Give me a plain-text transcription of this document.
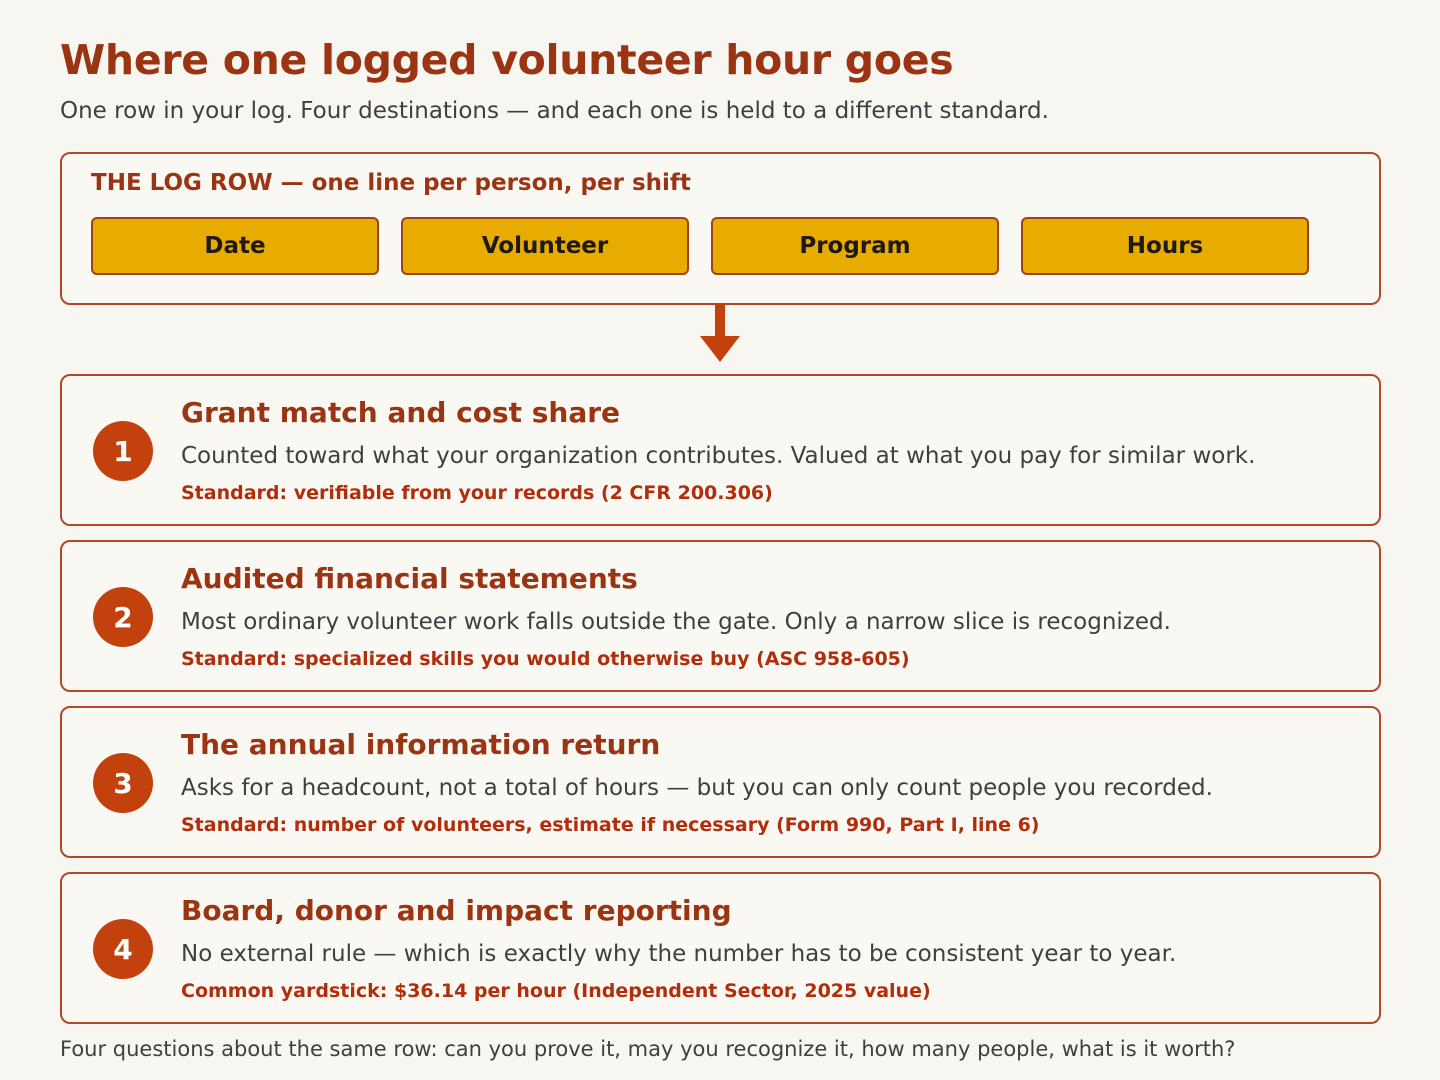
Where one logged volunteer hour goes

One row in your log. Four destinations — and each one is held to a different standard.

THE LOG ROW — one line per person, per shift
Date	Volunteer	Program	Hours
1
Grant match and cost share
Counted toward what your organization contributes. Valued at what you pay for similar work.
Standard: verifiable from your records (2 CFR 200.306)
2
Audited financial statements
Most ordinary volunteer work falls outside the gate. Only a narrow slice is recognized.
Standard: specialized skills you would otherwise buy (ASC 958-605)
3
The annual information return
Asks for a headcount, not a total of hours — but you can only count people you recorded.
Standard: number of volunteers, estimate if necessary (Form 990, Part I, line 6)
4
Board, donor and impact reporting
No external rule — which is exactly why the number has to be consistent year to year.
Common yardstick: $36.14 per hour (Independent Sector, 2025 value)

Four questions about the same row: can you prove it, may you recognize it, how many people, what is it worth?
